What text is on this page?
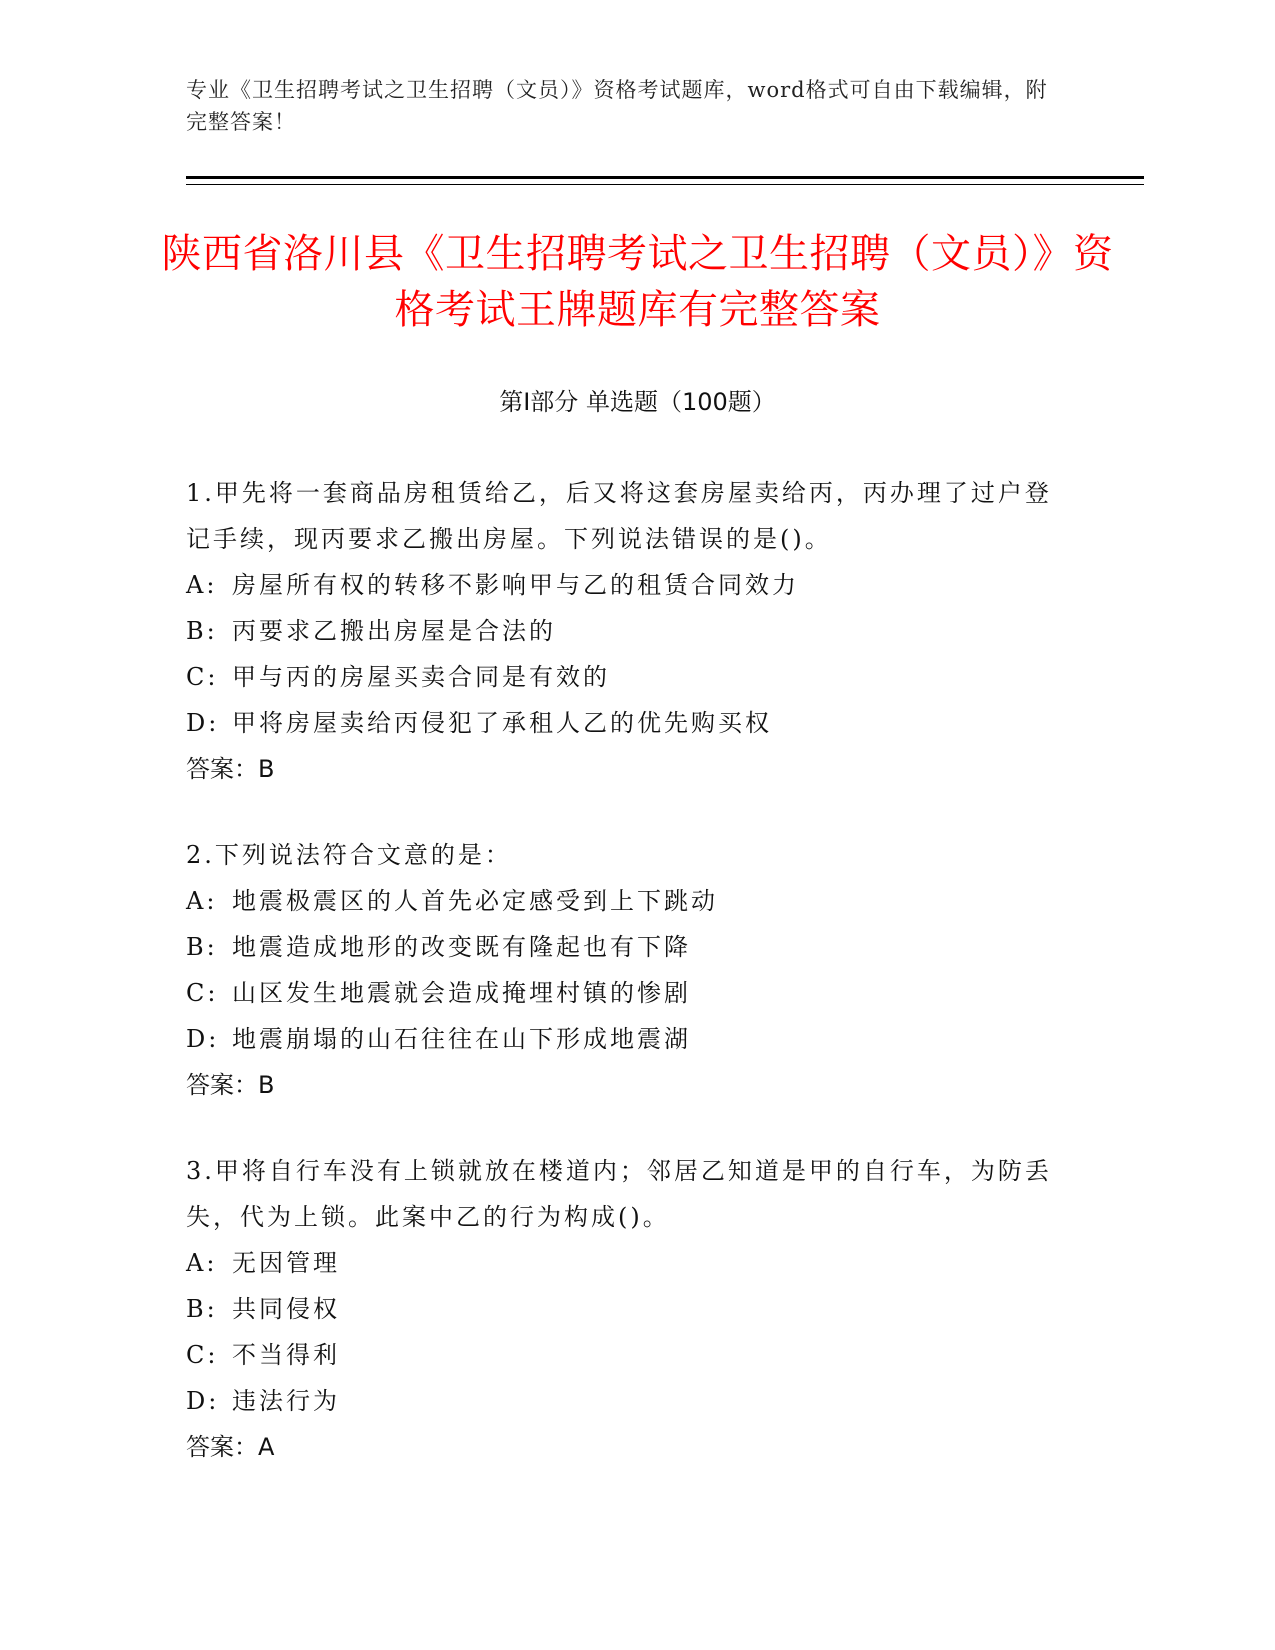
专业《卫生招聘考试之卫生招聘（文员）》资格考试题库，word格式可自由下载编辑，附完整答案！
陕西省洛川县《卫生招聘考试之卫生招聘（文员）》资格考试王牌题库有完整答案
第I部分 单选题（100题）

1.甲先将一套商品房租赁给乙，后又将这套房屋卖给丙，丙办理了过户登记手续，现丙要求乙搬出房屋。下列说法错误的是()。

A: 房屋所有权的转移不影响甲与乙的租赁合同效力

B: 丙要求乙搬出房屋是合法的

C: 甲与丙的房屋买卖合同是有效的

D: 甲将房屋卖给丙侵犯了承租人乙的优先购买权

答案：B

2.下列说法符合文意的是：

A: 地震极震区的人首先必定感受到上下跳动

B: 地震造成地形的改变既有隆起也有下降

C: 山区发生地震就会造成掩埋村镇的惨剧

D: 地震崩塌的山石往往在山下形成地震湖

答案：B

3.甲将自行车没有上锁就放在楼道内；邻居乙知道是甲的自行车，为防丢失，代为上锁。此案中乙的行为构成()。

A: 无因管理

B: 共同侵权

C: 不当得利

D: 违法行为

答案：A
